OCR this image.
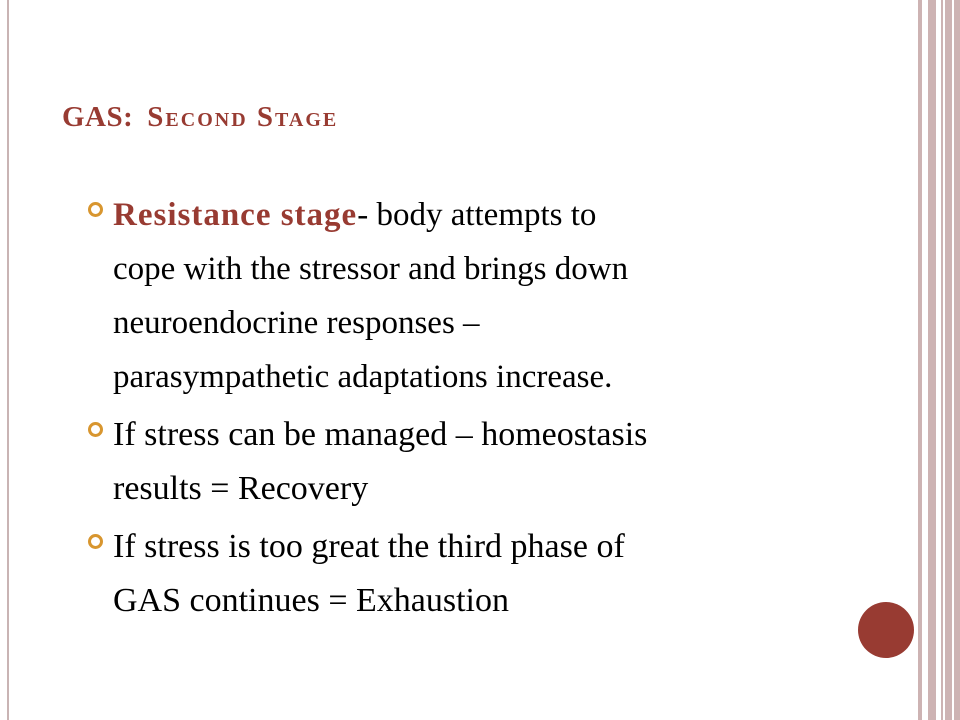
GAS: Second Stage
Resistance stage- body attempts to
cope with the stressor and brings down
neuroendocrine responses –
parasympathetic adaptations increase.
If stress can be managed – homeostasis
results = Recovery
If stress is too great the third phase of
GAS continues = Exhaustion
